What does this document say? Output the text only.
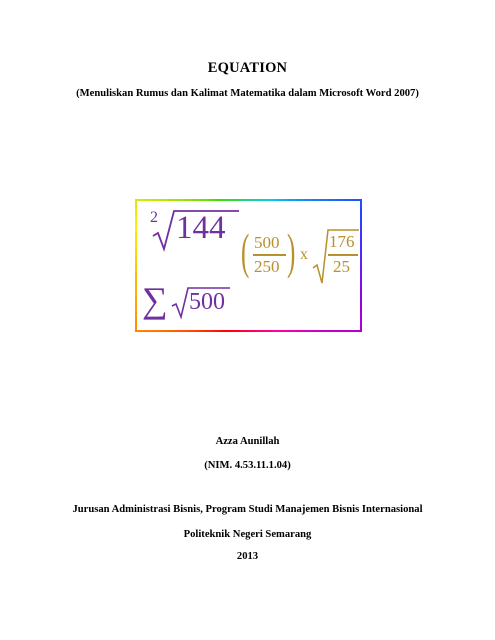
EQUATION
(Menuliskan Rumus dan Kalimat Matematika dalam Microsoft Word 2007)
2 144 ( 500
250 ) x
176
25
∑ 500
Azza Aunillah
(NIM. 4.53.11.1.04)
Jurusan Administrasi Bisnis, Program Studi Manajemen Bisnis Internasional
Politeknik Negeri Semarang
2013
